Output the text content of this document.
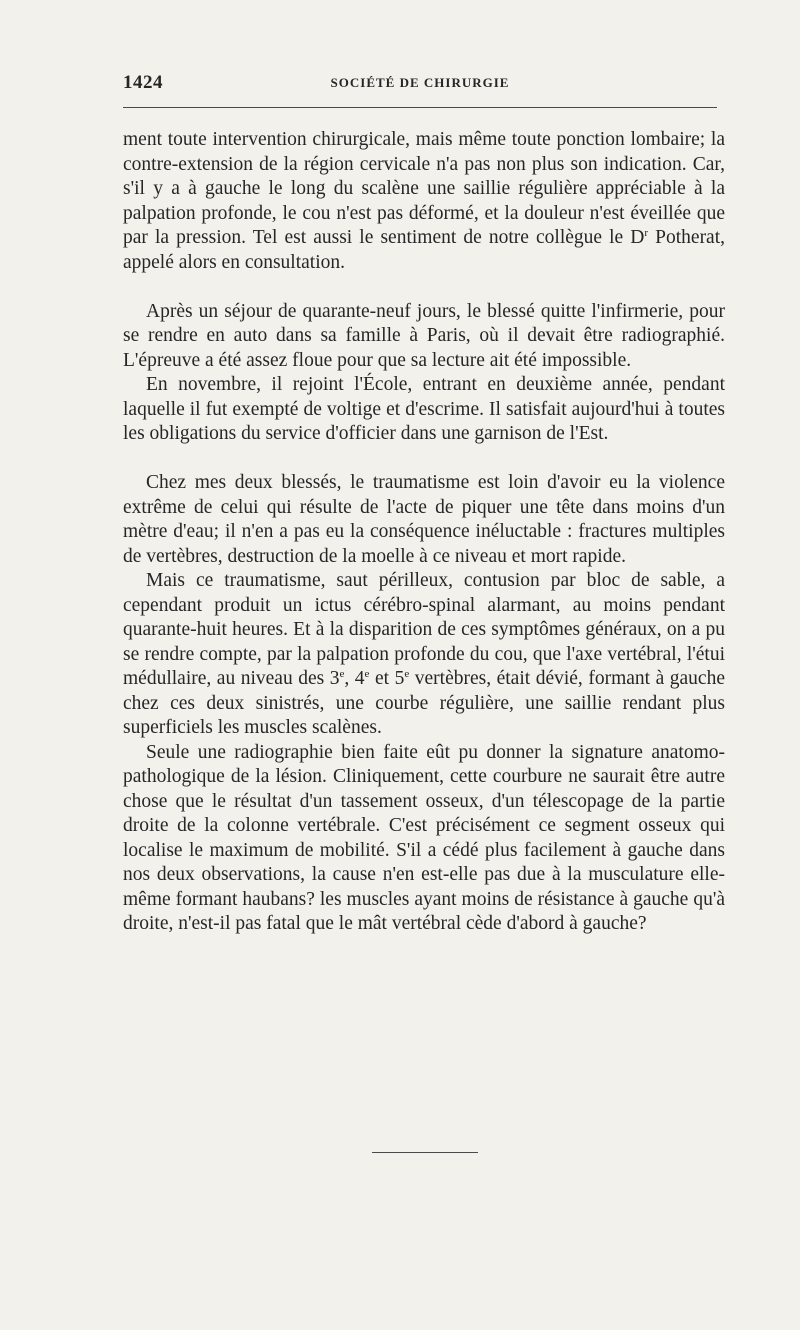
1424	SOCIÉTÉ DE CHIRURGIE

ment toute intervention chirurgicale, mais même toute ponction lombaire; la contre-extension de la région cervicale n'a pas non plus son indication. Car, s'il y a à gauche le long du scalène une saillie régulière appréciable à la palpation profonde, le cou n'est pas déformé, et la douleur n'est éveillée que par la pression. Tel est aussi le sentiment de notre collègue le $D^r$ Potherat, appelé alors en consultation.

Après un séjour de quarante-neuf jours, le blessé quitte l'infirmerie, pour se rendre en auto dans sa famille à Paris, où il devait être radiographié. L'épreuve a été assez floue pour que sa lecture ait été impossible.

En novembre, il rejoint l'École, entrant en deuxième année, pendant laquelle il fut exempté de voltige et d'escrime. Il satisfait aujourd'hui à toutes les obligations du service d'officier dans une garnison de l'Est.

Chez mes deux blessés, le traumatisme est loin d'avoir eu la violence extrême de celui qui résulte de l'acte de piquer une tête dans moins d'un mètre d'eau; il n'en a pas eu la conséquence inéluctable : fractures multiples de vertèbres, destruction de la moelle à ce niveau et mort rapide.

Mais ce traumatisme, saut périlleux, contusion par bloc de sable, a cependant produit un ictus cérébro-spinal alarmant, au moins pendant quarante-huit heures. Et à la disparition de ces symptômes généraux, on a pu se rendre compte, par la palpation profonde du cou, que l'axe vertébral, l'étui médullaire, au niveau des 3e, 4e et 5e vertèbres, était dévié, formant à gauche chez ces deux sinistrés, une courbe régulière, une saillie rendant plus superficiels les muscles scalènes.

Seule une radiographie bien faite eût pu donner la signature anatomo-pathologique de la lésion. Cliniquement, cette courbure ne saurait être autre chose que le résultat d'un tassement osseux, d'un télescopage de la partie droite de la colonne vertébrale. C'est précisément ce segment osseux qui localise le maximum de mobilité. S'il a cédé plus facilement à gauche dans nos deux observations, la cause n'en est-elle pas due à la musculature elle-même formant haubans? les muscles ayant moins de résistance à gauche qu'à droite, n'est-il pas fatal que le mât vertébral cède d'abord à gauche?
